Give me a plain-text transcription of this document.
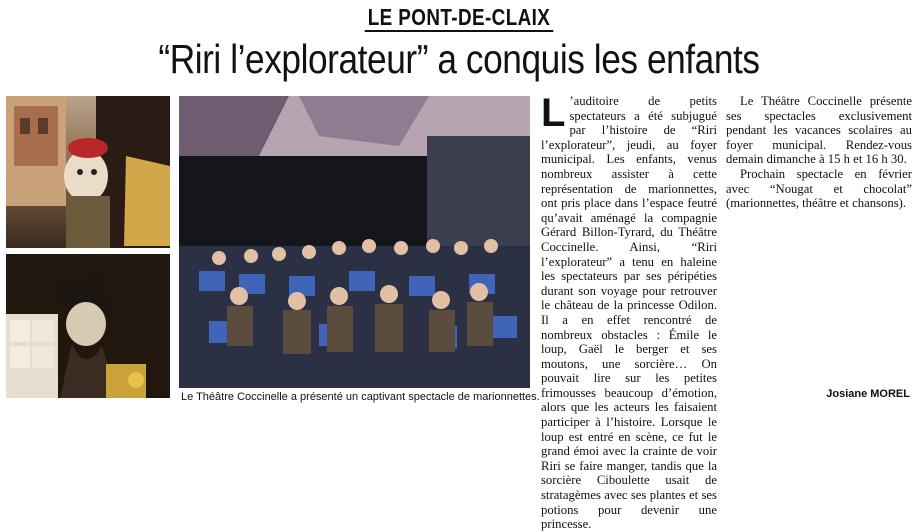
LE PONT-DE-CLAIX
“Riri l’explorateur” a conquis les enfants
Le Théâtre Coccinelle a présenté un captivant spectacle de marionnettes.

L ’auditoire de petits spectateurs a été subjugué par l’histoire de “Riri l’explorateur”, jeudi, au foyer municipal. Les enfants, venus nombreux assister à cette représentation de marionnettes, ont pris place dans l’espace feutré qu’avait aménagé la compagnie Gérard Billon-Tyrard, du Théâtre Coccinelle. Ainsi, “Riri l’explorateur” a tenu en haleine les spectateurs par ses péripéties durant son voyage pour retrouver le château de la princesse Odilon. Il a en effet rencontré de nombreux obstacles : Émile le loup, Gaël le berger et ses moutons, une sorcière… On pouvait lire sur les petites frimousses beaucoup d’émotion, alors que les acteurs les faisaient participer à l’histoire. Lorsque le loup est entré en scène, ce fut le grand émoi avec la crainte de voir Riri se faire manger, tandis que la sorcière Ciboulette usait de stratagèmes avec ses plantes et ses potions pour devenir une princesse.

Le Théâtre Coccinelle présente ses spectacles exclusivement pendant les vacances scolaires au foyer municipal. Rendez-vous demain dimanche à 15 h et 16 h 30.

Prochain spectacle en février avec “Nougat et chocolat” (marionnettes, théâtre et chansons).

Josiane MOREL
